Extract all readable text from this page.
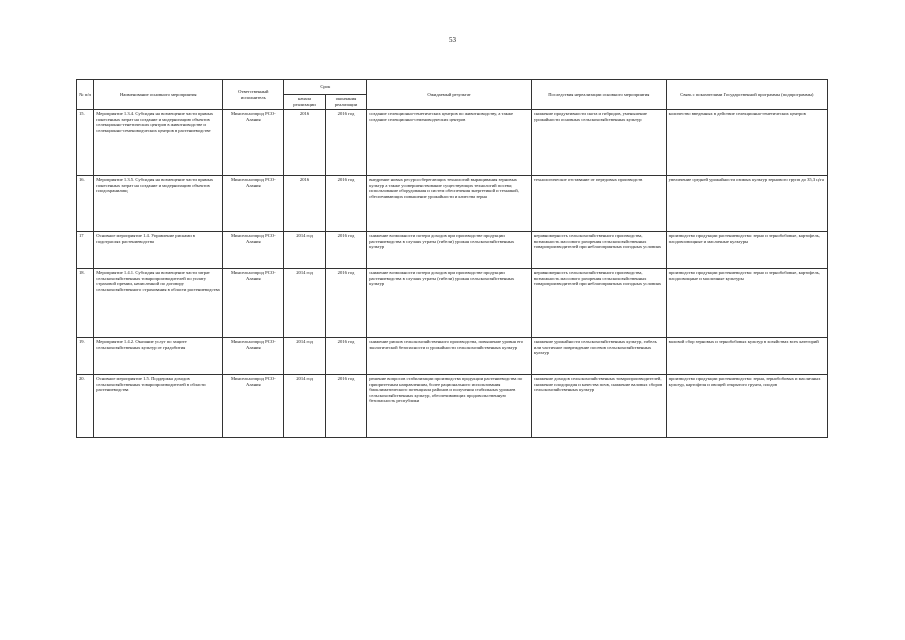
53
№ п/п	Наименование основного мероприятия	Ответственный исполнитель	Срок		Ожидаемый результат	Последствия нереализации основного мероприятия	Связь с показателями Государственной программы (подпрограммы)
			начала реализации	окончания реализации			
15.	Мероприятие 1.3.4. Субсидия на возмещение части прямых понесенных затрат на создание и модернизацию объектов селекционно-генетических центров в животноводстве и селекционно-семеноводческих центров в растениеводстве	Минсельхозпрод РСО-Алания	2016	2016 год	создание селекционно-генетических центров по животноводству, а также создание селекционно-семеноводческих центров	снижение продуктивности скота и гибридов, уменьшение урожайности основных сельскохозяйственных культур	количество введенных в действие селекционно-генетических центров
16.	Мероприятие 1.3.5. Субсидия на возмещение части прямых понесенных затрат на создание и модернизацию объектов плодохранилищ	Минсельхозпрод РСО-Алания	2016	2016 год	внедрение новых ресурсосберегающих технологий выращивания зерновых культур а также усовершенствование существующих технологий посева; использование оборудования и систем обеспечения энергетикой и техникой, обеспечивающих повышение урожайности и качества зерна	технологическое отставание от передовых производств	увеличение средней урожайности озимых культур зернового групп до 35,3 ц/га
17	Основное мероприятие 1.4. Управление рисками в подотраслях растениеводства	Минсельхозпрод РСО-Алания	2014 год	2016 год	снижение возможности потери доходов при производстве продукции растениеводства в случаях утраты (гибели) урожая сельскохозяйственных культур	неравномерность сельскохозяйственного производства, возможность массового разорения сельскохозяйственных товаропроизводителей при неблагоприятных погодных условиях	производство продукции растениеводства: зерно и зернобобовые, картофель, плодовоовощные и масличные культуры
18.	Мероприятие 1.4.1. Субсидия на возмещение части затрат сельскохозяйственных товаропроизводителей по уплату страховой премии, начисленной по договору сельскохозяйственного страхования в области растениеводства	Минсельхозпрод РСО-Алания	2014 год	2016 год	снижение возможности потери доходов при производстве продукции растениеводства в случаях утраты (гибели) урожая сельскохозяйственных культур	неравномерность сельскохозяйственного производства, возможность массового разорения сельскохозяйственных товаропроизводителей при неблагоприятных погодных условиях	производство продукции растениеводства: зерно и зернобобовые, картофель, плодоовощные и масличные культуры
19.	Мероприятие 1.4.2. Оказание услуг по защите сельскохозяйственных культур от градобития	Минсельхозпрод РСО-Алания	2014 год	2016 год	снижение рисков сельскохозяйственного производства, повышение уровня его экологической безопасности и урожайности сельскохозяйственных культур	снижение урожайности сельскохозяйственных культур, гибель или частичное повреждение посевов сельскохозяйственных культур	валовой сбор зерновых и зернобобовых культур в хозяйствах всех категорий
20.	Основное мероприятие 1.5. Поддержка доходов сельскохозяйственных товаропроизводителей в области растениеводства	Минсельхозпрод РСО-Алания	2014 год	2016 год	решение вопросов стабилизации производства продукции растениеводства по приоритетным направлениям, более рационального использования биоклиматического потенциала районов и получения стабильных урожаев сельскохозяйственных культур, обеспечивающих продовольственную безопасность республики	снижение доходов сельскохозяйственных товаропроизводителей, снижение плодородия и качества почв, снижение валовых сборов сельскохозяйственных культур	производство продукции растениеводства: зерна, зернобобовых и масличных культур, картофеля и овощей открытого грунта, плодов
